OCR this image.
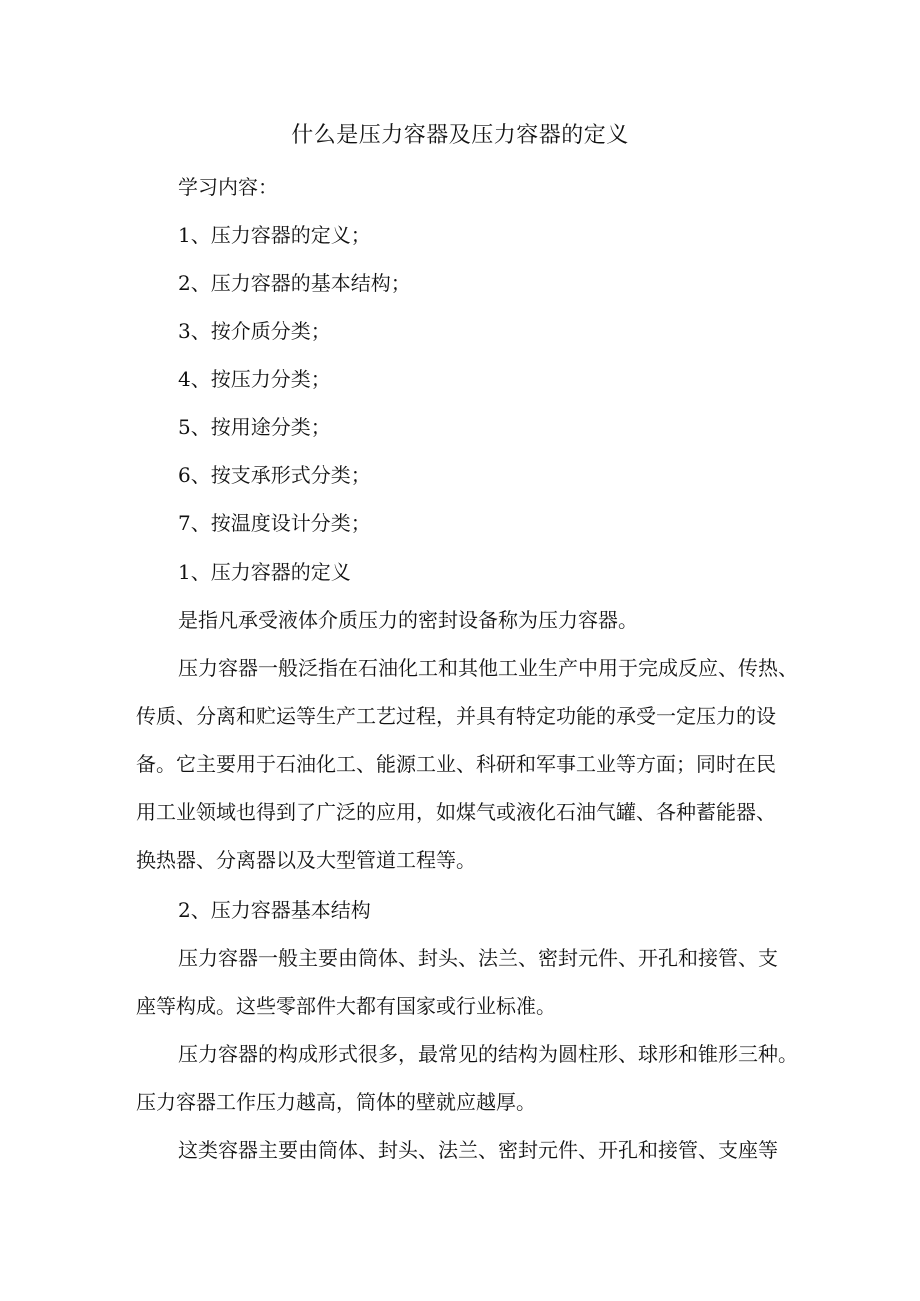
什么是压力容器及压力容器的定义

学习内容：

1、压力容器的定义；

2、压力容器的基本结构；

3、按介质分类；

4、按压力分类；

5、按用途分类；

6、按支承形式分类；

7、按温度设计分类；

1、压力容器的定义

是指凡承受液体介质压力的密封设备称为压力容器。

压力容器一般泛指在石油化工和其他工业生产中用于完成反应、传热、

传质、分离和贮运等生产工艺过程，并具有特定功能的承受一定压力的设

备。它主要用于石油化工、能源工业、科研和军事工业等方面；同时在民

用工业领域也得到了广泛的应用，如煤气或液化石油气罐、各种蓄能器、

换热器、分离器以及大型管道工程等。

2、压力容器基本结构

压力容器一般主要由筒体、封头、法兰、密封元件、开孔和接管、支

座等构成。这些零部件大都有国家或行业标准。

压力容器的构成形式很多，最常见的结构为圆柱形、球形和锥形三种。

压力容器工作压力越高，筒体的壁就应越厚。

这类容器主要由筒体、封头、法兰、密封元件、开孔和接管、支座等
